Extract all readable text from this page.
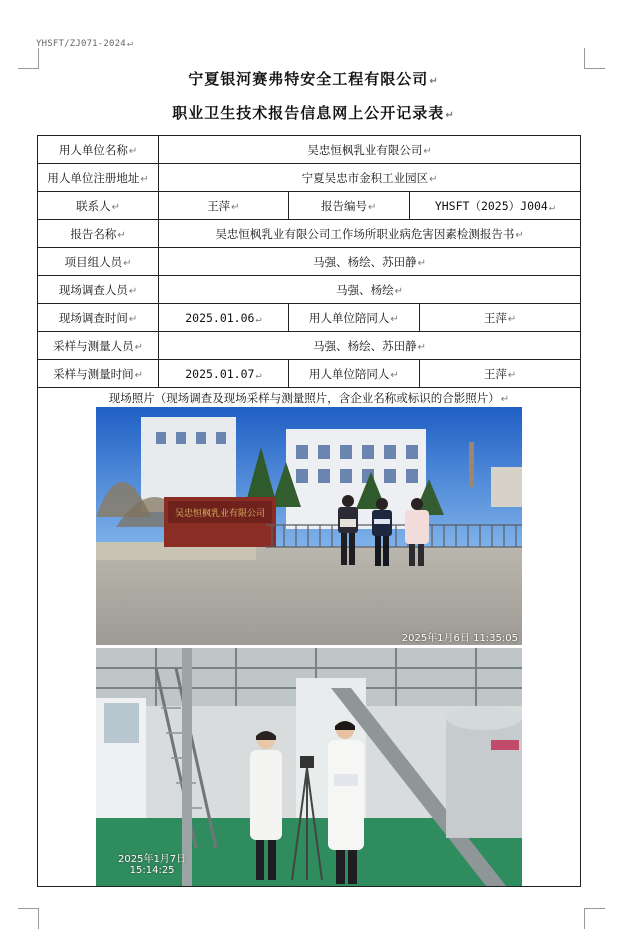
YHSFT/ZJ071-2024↵
宁夏银河赛弗特安全工程有限公司↵
职业卫生技术报告信息网上公开记录表↵
用人单位名称↵	吴忠恒枫乳业有限公司↵			
用人单位注册地址↵	宁夏吴忠市金积工业园区↵			
联系人↵	王萍↵	报告编号↵	YHSFT（2025）J004↵	
报告名称↵	吴忠恒枫乳业有限公司工作场所职业病危害因素检测报告书↵			
项目组人员↵	马强、杨绘、苏田静↵			
现场调查人员↵	马强、杨绘↵			
现场调查时间↵	2025.01.06↵	用人单位陪同人↵		王萍↵
采样与测量人员↵	马强、杨绘、苏田静↵			
采样与测量时间↵	2025.01.07↵	用人单位陪同人↵		王萍↵

现场照片（现场调查及现场采样与测量照片，含企业名称或标识的合影照片）↵
吴忠恒枫乳业有限公司
2025年1月6日 11:35:05
2025年1月7日
15:14:25				
